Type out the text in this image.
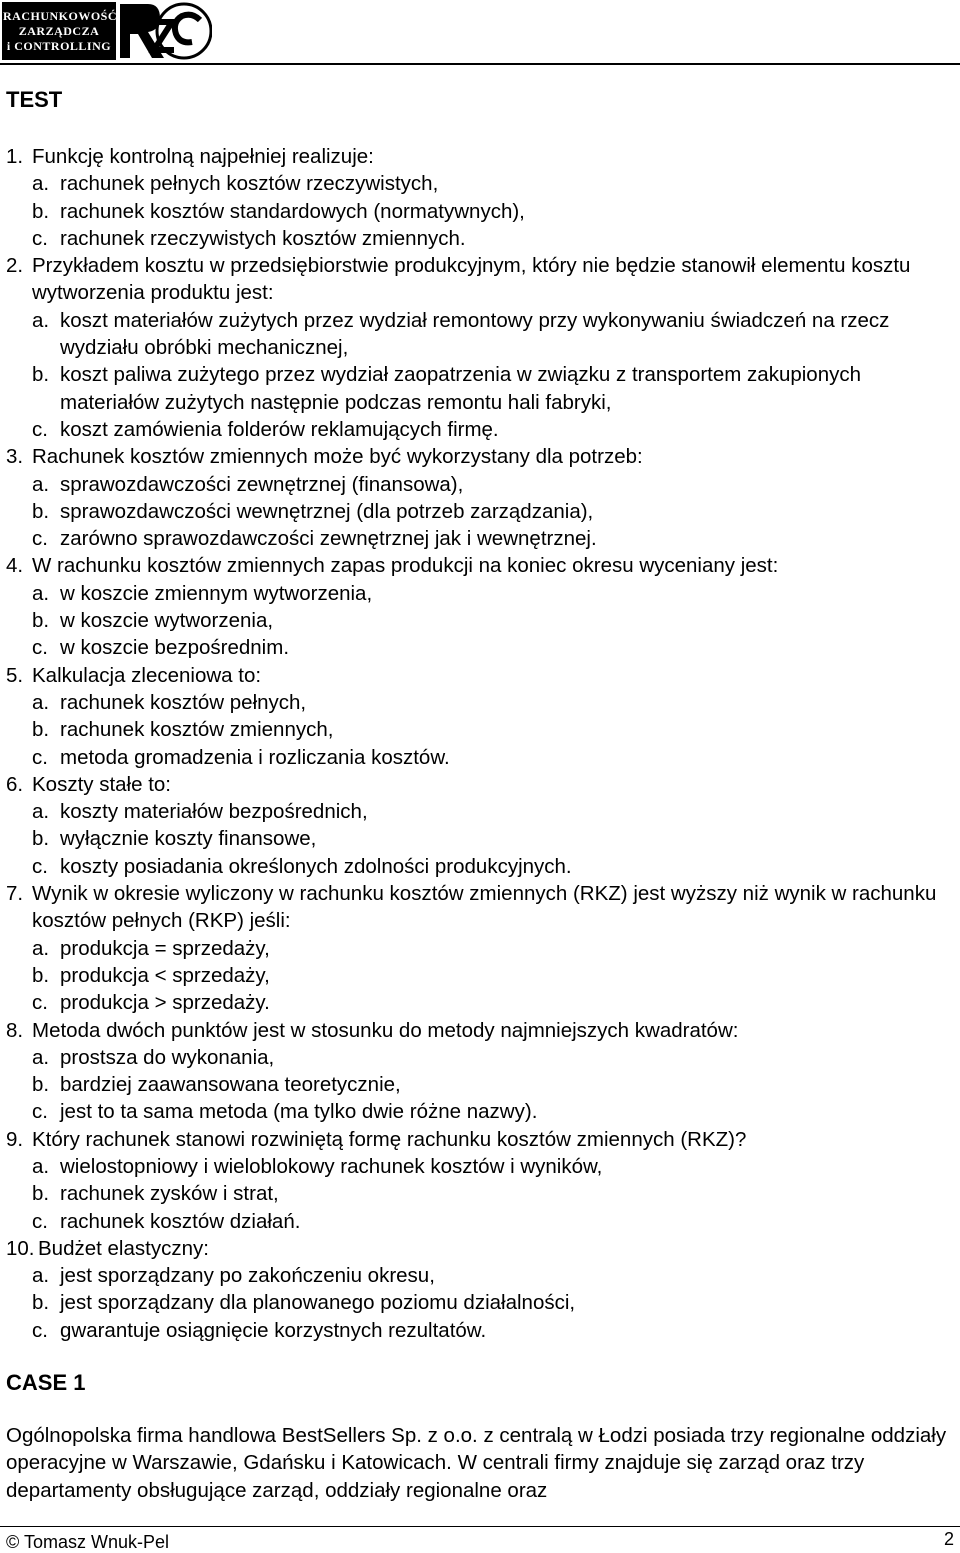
RACHUNKOWOŚĆ
ZARZĄDCZA
i CONTROLLING
TEST
1. Funkcję kontrolną najpełniej realizuje:
a. rachunek pełnych kosztów rzeczywistych,
b. rachunek kosztów standardowych (normatywnych),
c. rachunek rzeczywistych kosztów zmiennych.
2. Przykładem kosztu w przedsiębiorstwie produkcyjnym, który nie będzie stanowił elementu kosztu wytworzenia produktu jest:
a. koszt materiałów zużytych przez wydział remontowy przy wykonywaniu świadczeń na rzecz wydziału obróbki mechanicznej,
b. koszt paliwa zużytego przez wydział zaopatrzenia w związku z transportem zakupionych materiałów zużytych następnie podczas remontu hali fabryki,
c. koszt zamówienia folderów reklamujących firmę.
3. Rachunek kosztów zmiennych może być wykorzystany dla potrzeb:
a. sprawozdawczości zewnętrznej (finansowa),
b. sprawozdawczości wewnętrznej (dla potrzeb zarządzania),
c. zarówno sprawozdawczości zewnętrznej jak i wewnętrznej.
4. W rachunku kosztów zmiennych zapas produkcji na koniec okresu wyceniany jest:
a. w koszcie zmiennym wytworzenia,
b. w koszcie wytworzenia,
c. w koszcie bezpośrednim.
5. Kalkulacja zleceniowa to:
a. rachunek kosztów pełnych,
b. rachunek kosztów zmiennych,
c. metoda gromadzenia i rozliczania kosztów.
6. Koszty stałe to:
a. koszty materiałów bezpośrednich,
b. wyłącznie koszty finansowe,
c. koszty posiadania określonych zdolności produkcyjnych.
7. Wynik w okresie wyliczony w rachunku kosztów zmiennych (RKZ) jest wyższy niż wynik w rachunku kosztów pełnych (RKP) jeśli:
a. produkcja = sprzedaży,
b. produkcja < sprzedaży,
c. produkcja > sprzedaży.
8. Metoda dwóch punktów jest w stosunku do metody najmniejszych kwadratów:
a. prostsza do wykonania,
b. bardziej zaawansowana teoretycznie,
c. jest to ta sama metoda (ma tylko dwie różne nazwy).
9. Który rachunek stanowi rozwiniętą formę rachunku kosztów zmiennych (RKZ)?
a. wielostopniowy i wieloblokowy rachunek kosztów i wyników,
b. rachunek zysków i strat,
c. rachunek kosztów działań.
10. Budżet elastyczny:
a. jest sporządzany po zakończeniu okresu,
b. jest sporządzany dla planowanego poziomu działalności,
c. gwarantuje osiągnięcie korzystnych rezultatów.
CASE 1

Ogólnopolska firma handlowa BestSellers Sp. z o.o. z centralą w Łodzi posiada trzy regionalne oddziały operacyjne w Warszawie, Gdańsku i Katowicach. W centrali firmy znajduje się zarząd oraz trzy departamenty obsługujące zarząd, oddziały regionalne oraz

© Tomasz Wnuk-Pel	2
